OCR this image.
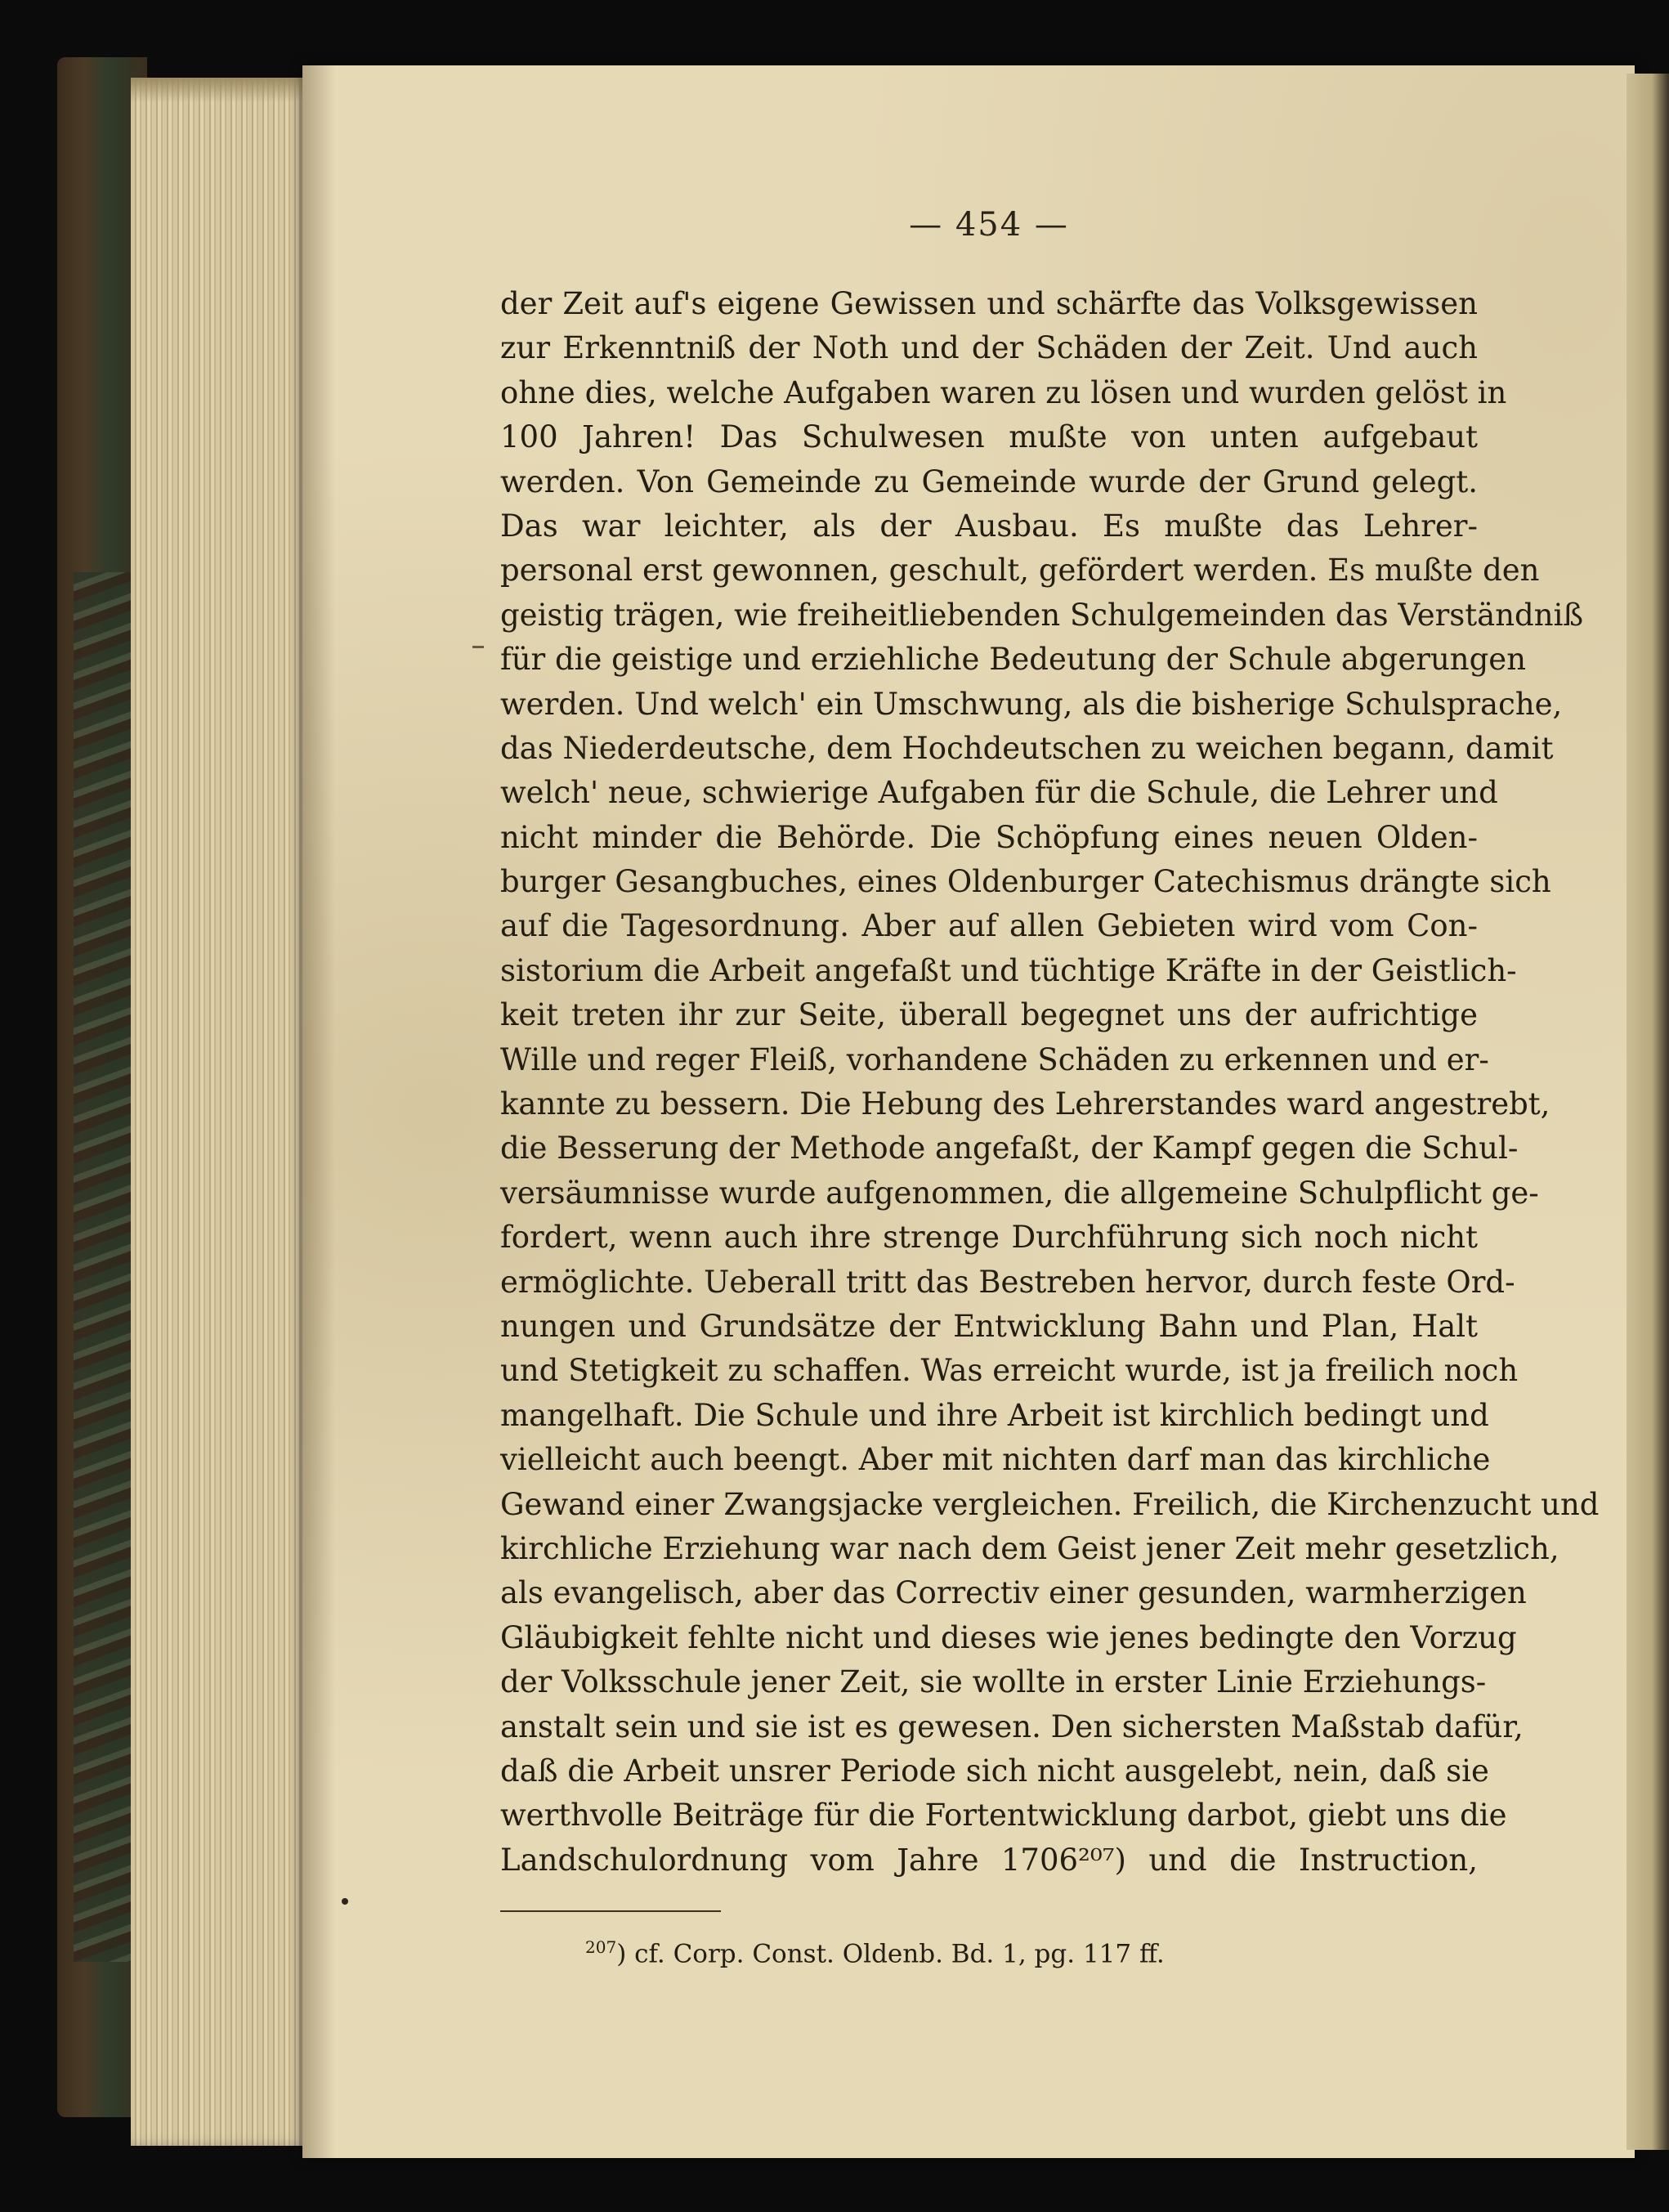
— 454 —
der Zeit auf's eigene Gewissen und schärfte das Volksgewissen
zur Erkenntniß der Noth und der Schäden der Zeit. Und auch
ohne dies, welche Aufgaben waren zu lösen und wurden gelöst in
100 Jahren! Das Schulwesen mußte von unten aufgebaut
werden. Von Gemeinde zu Gemeinde wurde der Grund gelegt.
Das war leichter, als der Ausbau. Es mußte das Lehrer-
personal erst gewonnen, geschult, gefördert werden. Es mußte den
geistig trägen, wie freiheitliebenden Schulgemeinden das Verständniß
für die geistige und erziehliche Bedeutung der Schule abgerungen
werden. Und welch' ein Umschwung, als die bisherige Schulsprache,
das Niederdeutsche, dem Hochdeutschen zu weichen begann, damit
welch' neue, schwierige Aufgaben für die Schule, die Lehrer und
nicht minder die Behörde. Die Schöpfung eines neuen Olden-
burger Gesangbuches, eines Oldenburger Catechismus drängte sich
auf die Tagesordnung. Aber auf allen Gebieten wird vom Con-
sistorium die Arbeit angefaßt und tüchtige Kräfte in der Geistlich-
keit treten ihr zur Seite, überall begegnet uns der aufrichtige
Wille und reger Fleiß, vorhandene Schäden zu erkennen und er-
kannte zu bessern. Die Hebung des Lehrerstandes ward angestrebt,
die Besserung der Methode angefaßt, der Kampf gegen die Schul-
versäumnisse wurde aufgenommen, die allgemeine Schulpflicht ge-
fordert, wenn auch ihre strenge Durchführung sich noch nicht
ermöglichte. Ueberall tritt das Bestreben hervor, durch feste Ord-
nungen und Grundsätze der Entwicklung Bahn und Plan, Halt
und Stetigkeit zu schaffen. Was erreicht wurde, ist ja freilich noch
mangelhaft. Die Schule und ihre Arbeit ist kirchlich bedingt und
vielleicht auch beengt. Aber mit nichten darf man das kirchliche
Gewand einer Zwangsjacke vergleichen. Freilich, die Kirchenzucht und
kirchliche Erziehung war nach dem Geist jener Zeit mehr gesetzlich,
als evangelisch, aber das Correctiv einer gesunden, warmherzigen
Gläubigkeit fehlte nicht und dieses wie jenes bedingte den Vorzug
der Volksschule jener Zeit, sie wollte in erster Linie Erziehungs-
anstalt sein und sie ist es gewesen. Den sichersten Maßstab dafür,
daß die Arbeit unsrer Periode sich nicht ausgelebt, nein, daß sie
werthvolle Beiträge für die Fortentwicklung darbot, giebt uns die
Landschulordnung vom Jahre 1706²⁰⁷) und die Instruction,
$^{207}$) cf. Corp. Const. Oldenb. Bd. 1, pg. 117 ff.
